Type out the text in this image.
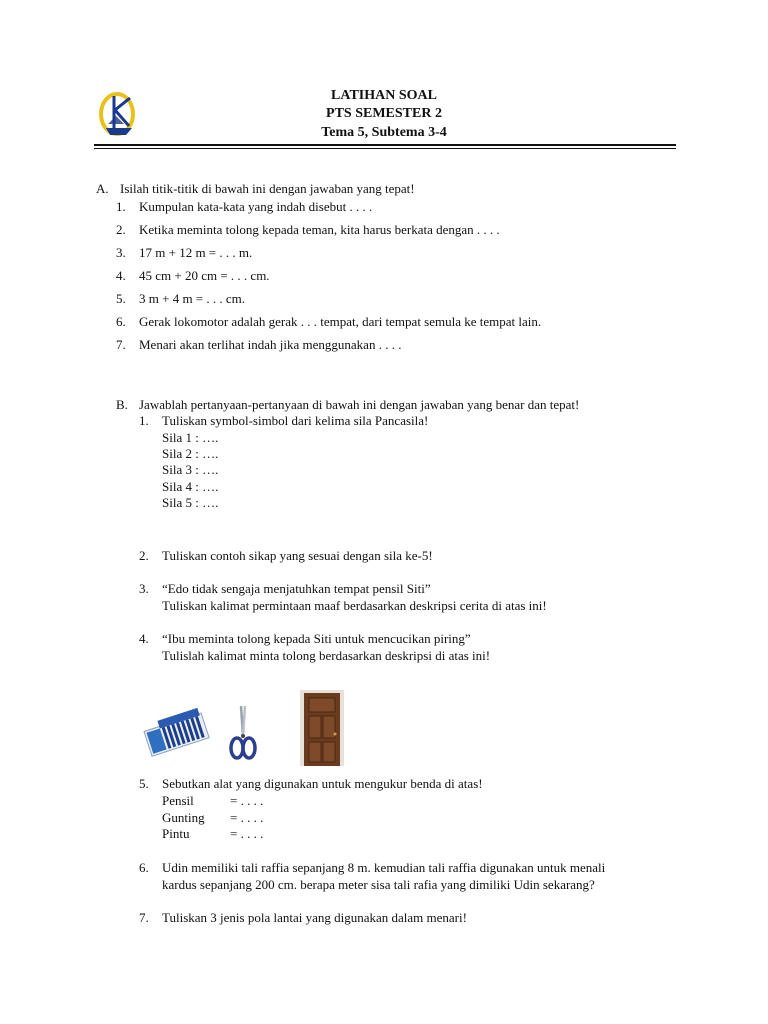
LATIHAN SOAL
PTS SEMESTER 2
Tema 5, Subtema 3-4
A. Isilah titik-titik di bawah ini dengan jawaban yang tepat!
1. Kumpulan kata-kata yang indah disebut . . . .
2. Ketika meminta tolong kepada teman, kita harus berkata dengan . . . .
3. 17 m + 12 m = . . . m.
4. 45 cm + 20 cm = . . . cm.
5. 3 m + 4 m = . . . cm.
6. Gerak lokomotor adalah gerak . . . tempat, dari tempat semula ke tempat lain.
7. Menari akan terlihat indah jika menggunakan . . . .
B. Jawablah pertanyaan-pertanyaan di bawah ini dengan jawaban yang benar dan tepat!
1. Tuliskan symbol-simbol dari kelima sila Pancasila!
Sila 1 : ….
Sila 2 : ….
Sila 3 : ….
Sila 4 : ….
Sila 5 : ….
2. Tuliskan contoh sikap yang sesuai dengan sila ke-5!
3. “Edo tidak sengaja menjatuhkan tempat pensil Siti”
Tuliskan kalimat permintaan maaf berdasarkan deskripsi cerita di atas ini!
4. “Ibu meminta tolong kepada Siti untuk mencucikan piring”
Tulislah kalimat minta tolong berdasarkan deskripsi di atas ini!
5. Sebutkan alat yang digunakan untuk mengukur benda di atas!
Pensil	= . . . .
Gunting = . . . .
Pintu	= . . . .
6. Udin memiliki tali raffia sepanjang 8 m. kemudian tali raffia digunakan untuk menali
kardus sepanjang 200 cm. berapa meter sisa tali rafia yang dimiliki Udin sekarang?
7. Tuliskan 3 jenis pola lantai yang digunakan dalam menari!
